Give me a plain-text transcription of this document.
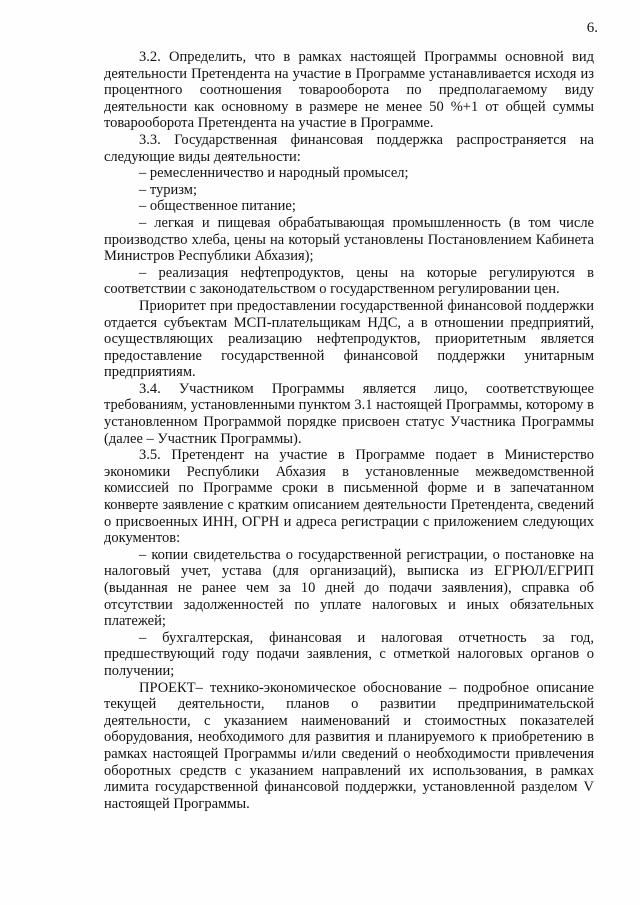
6.

3.2. Определить, что в рамках настоящей Программы основной вид деятельности Претендента на участие в Программе устанавливается исходя из процентного соотношения товарооборота по предполагаемому виду деятельности как основному в размере не менее 50 %+1 от общей суммы товарооборота Претендента на участие в Программе.

3.3. Государственная финансовая поддержка распространяется на следующие виды деятельности:

– ремесленничество и народный промысел;

– туризм;

– общественное питание;

– легкая и пищевая обрабатывающая промышленность (в том числе производство хлеба, цены на который установлены Постановлением Кабинета Министров Республики Абхазия);

– реализация нефтепродуктов, цены на которые регулируются в соответствии с законодательством о государственном регулировании цен.

Приоритет при предоставлении государственной финансовой поддержки отдается субъектам МСП-плательщикам НДС, а в отношении предприятий, осуществляющих реализацию нефтепродуктов, приоритетным является предоставление государственной финансовой поддержки унитарным предприятиям.

3.4. Участником Программы является лицо, соответствующее требованиям, установленными пунктом 3.1 настоящей Программы, которому в установленном Программой порядке присвоен статус Участника Программы (далее – Участник Программы).

3.5. Претендент на участие в Программе подает в Министерство экономики Республики Абхазия в установленные межведомственной комиссией по Программе сроки в письменной форме и в запечатанном конверте заявление с кратким описанием деятельности Претендента, сведений о присвоенных ИНН, ОГРН и адреса регистрации с приложением следующих документов:

– копии свидетельства о государственной регистрации, о постановке на налоговый учет, устава (для организаций), выписка из ЕГРЮЛ/ЕГРИП (выданная не ранее чем за 10 дней до подачи заявления), справка об отсутствии задолженностей по уплате налоговых и иных обязательных платежей;

– бухгалтерская, финансовая и налоговая отчетность за год, предшествующий году подачи заявления, с отметкой налоговых органов о получении;

ПРОЕКТ– технико-экономическое обоснование – подробное описание текущей деятельности, планов о развитии предпринимательской деятельности, с указанием наименований и стоимостных показателей оборудования, необходимого для развития и планируемого к приобретению в рамках настоящей Программы и/или сведений о необходимости привлечения оборотных средств с указанием направлений их использования, в рамках лимита государственной финансовой поддержки, установленной разделом V настоящей Программы.
